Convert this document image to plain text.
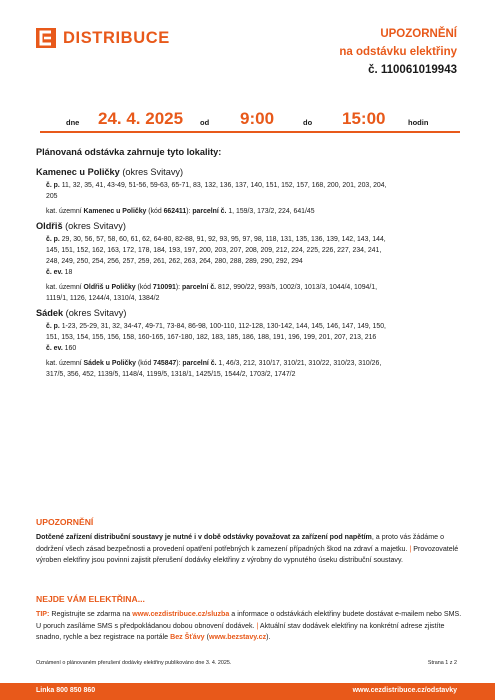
DISTRIBUCE	UPOZORNĚNÍ
na odstávku elektřiny
č. 110061019943
dne 24. 4. 2025 od 9:00	do 15:00	hodin
Plánovaná odstávka zahrnuje tyto lokality:
Kamenec u Poličky (okres Svitavy)
č. p. 11, 32, 35, 41, 43-49, 51-56, 59-63, 65-71, 83, 132, 136, 137, 140, 151, 152, 157, 168, 200, 201, 203, 204,
205
kat. územní Kamenec u Poličky (kód 662411): parcelní č. 1, 159/3, 173/2, 224, 641/45
Oldřiš (okres Svitavy)
č. p. 29, 30, 56, 57, 58, 60, 61, 62, 64-80, 82-88, 91, 92, 93, 95, 97, 98, 118, 131, 135, 136, 139, 142, 143, 144,
145, 151, 152, 162, 163, 172, 178, 184, 193, 197, 200, 203, 207, 208, 209, 212, 224, 225, 226, 227, 234, 241,
248, 249, 250, 254, 256, 257, 259, 261, 262, 263, 264, 280, 288, 289, 290, 292, 294
č. ev. 18
kat. územní Oldřiš u Poličky (kód 710091): parcelní č. 812, 990/22, 993/5, 1002/3, 1013/3, 1044/4, 1094/1,
1119/1, 1126, 1244/4, 1310/4, 1384/2
Sádek (okres Svitavy)
č. p. 1-23, 25-29, 31, 32, 34-47, 49-71, 73-84, 86-98, 100-110, 112-128, 130-142, 144, 145, 146, 147, 149, 150,
151, 153, 154, 155, 156, 158, 160-165, 167-180, 182, 183, 185, 186, 188, 191, 196, 199, 201, 207, 213, 216
č. ev. 160
kat. územní Sádek u Poličky (kód 745847): parcelní č. 1, 46/3, 212, 310/17, 310/21, 310/22, 310/23, 310/26,
317/5, 356, 452, 1139/5, 1148/4, 1199/5, 1318/1, 1425/15, 1544/2, 1703/2, 1747/2
UPOZORNĚNÍ
Dotčené zařízení distribuční soustavy je nutné i v době odstávky považovat za zařízení pod napětím, a proto vás žádáme o dodržení všech zásad bezpečnosti a provedení opatření potřebných k zamezení případných škod na zdraví a majetku. | Provozovatelé výroben elektřiny jsou povinni zajistit přerušení dodávky elektřiny z výrobny do vypnutého úseku distribuční soustavy.
NEJDE VÁM ELEKTŘINA...
TIP: Registrujte se zdarma na www.cezdistribuce.cz/sluzba a informace o odstávkách elektřiny budete dostávat e-mailem nebo SMS. U poruch zasíláme SMS s předpokládanou dobou obnovení dodávek. | Aktuální stav dodávek elektřiny na konkrétní adrese zjistíte snadno, rychle a bez registrace na portále Bez Šťávy (www.bezstavy.cz).
Oznámení o plánovaném přerušení dodávky elektřiny publikováno dne 3. 4. 2025.	Strana 1 z 2
Linka 800 850 860	www.cezdistribuce.cz/odstavky
